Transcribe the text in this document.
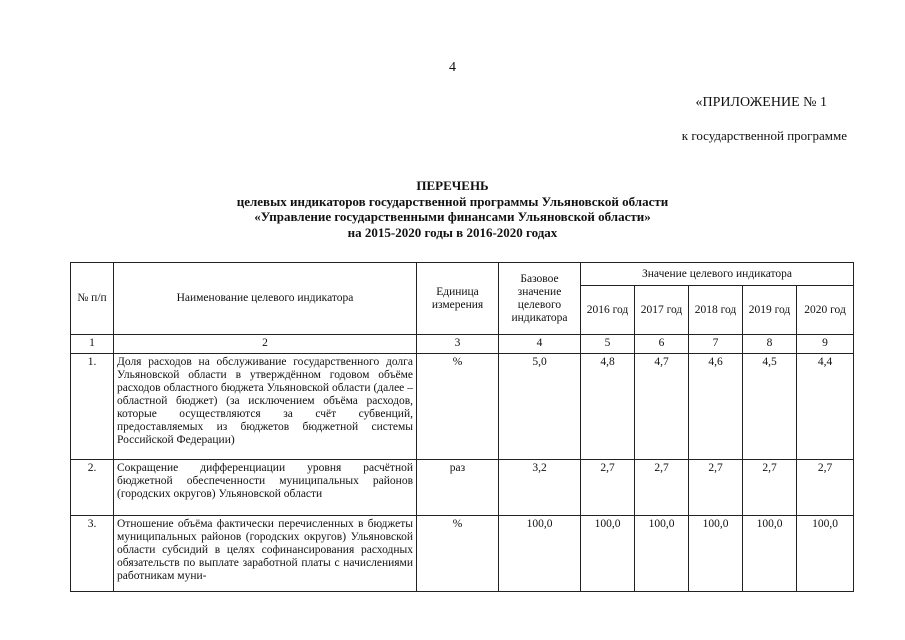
4
«ПРИЛОЖЕНИЕ № 1
к государственной программе
ПЕРЕЧЕНЬ
целевых индикаторов государственной программы Ульяновской области
«Управление государственными финансами Ульяновской области»
на 2015-2020 годы в 2016-2020 годах
№ п/п	Наименование целевого индикатора	Единица измерения	Базовое значение целевого индикатора	Значение целевого индикатора				
				2016 год	2017 год	2018 год	2019 год	2020 год
1	2	3	4	5	6	7	8	9
1.	Доля расходов на обслуживание государственного долга Ульяновской области в утверждённом годовом объёме расходов областного бюджета Ульяновской области (далее – областной бюджет) (за исключением объёма расходов, которые осуществляются за счёт субвенций, предоставляемых из бюджетов бюджетной системы Российской Федерации)	%	5,0	4,8	4,7	4,6	4,5	4,4
2.	Сокращение дифференциации уровня расчётной бюджетной обеспеченности муниципальных районов (городских округов) Ульяновской области	раз	3,2	2,7	2,7	2,7	2,7	2,7
3.	Отношение объёма фактически перечисленных в бюджеты муниципальных районов (городских округов) Ульяновской области субсидий в целях софинансирования расходных обязательств по выплате заработной платы с начислениями работникам муни-	%	100,0	100,0	100,0	100,0	100,0	100,0
